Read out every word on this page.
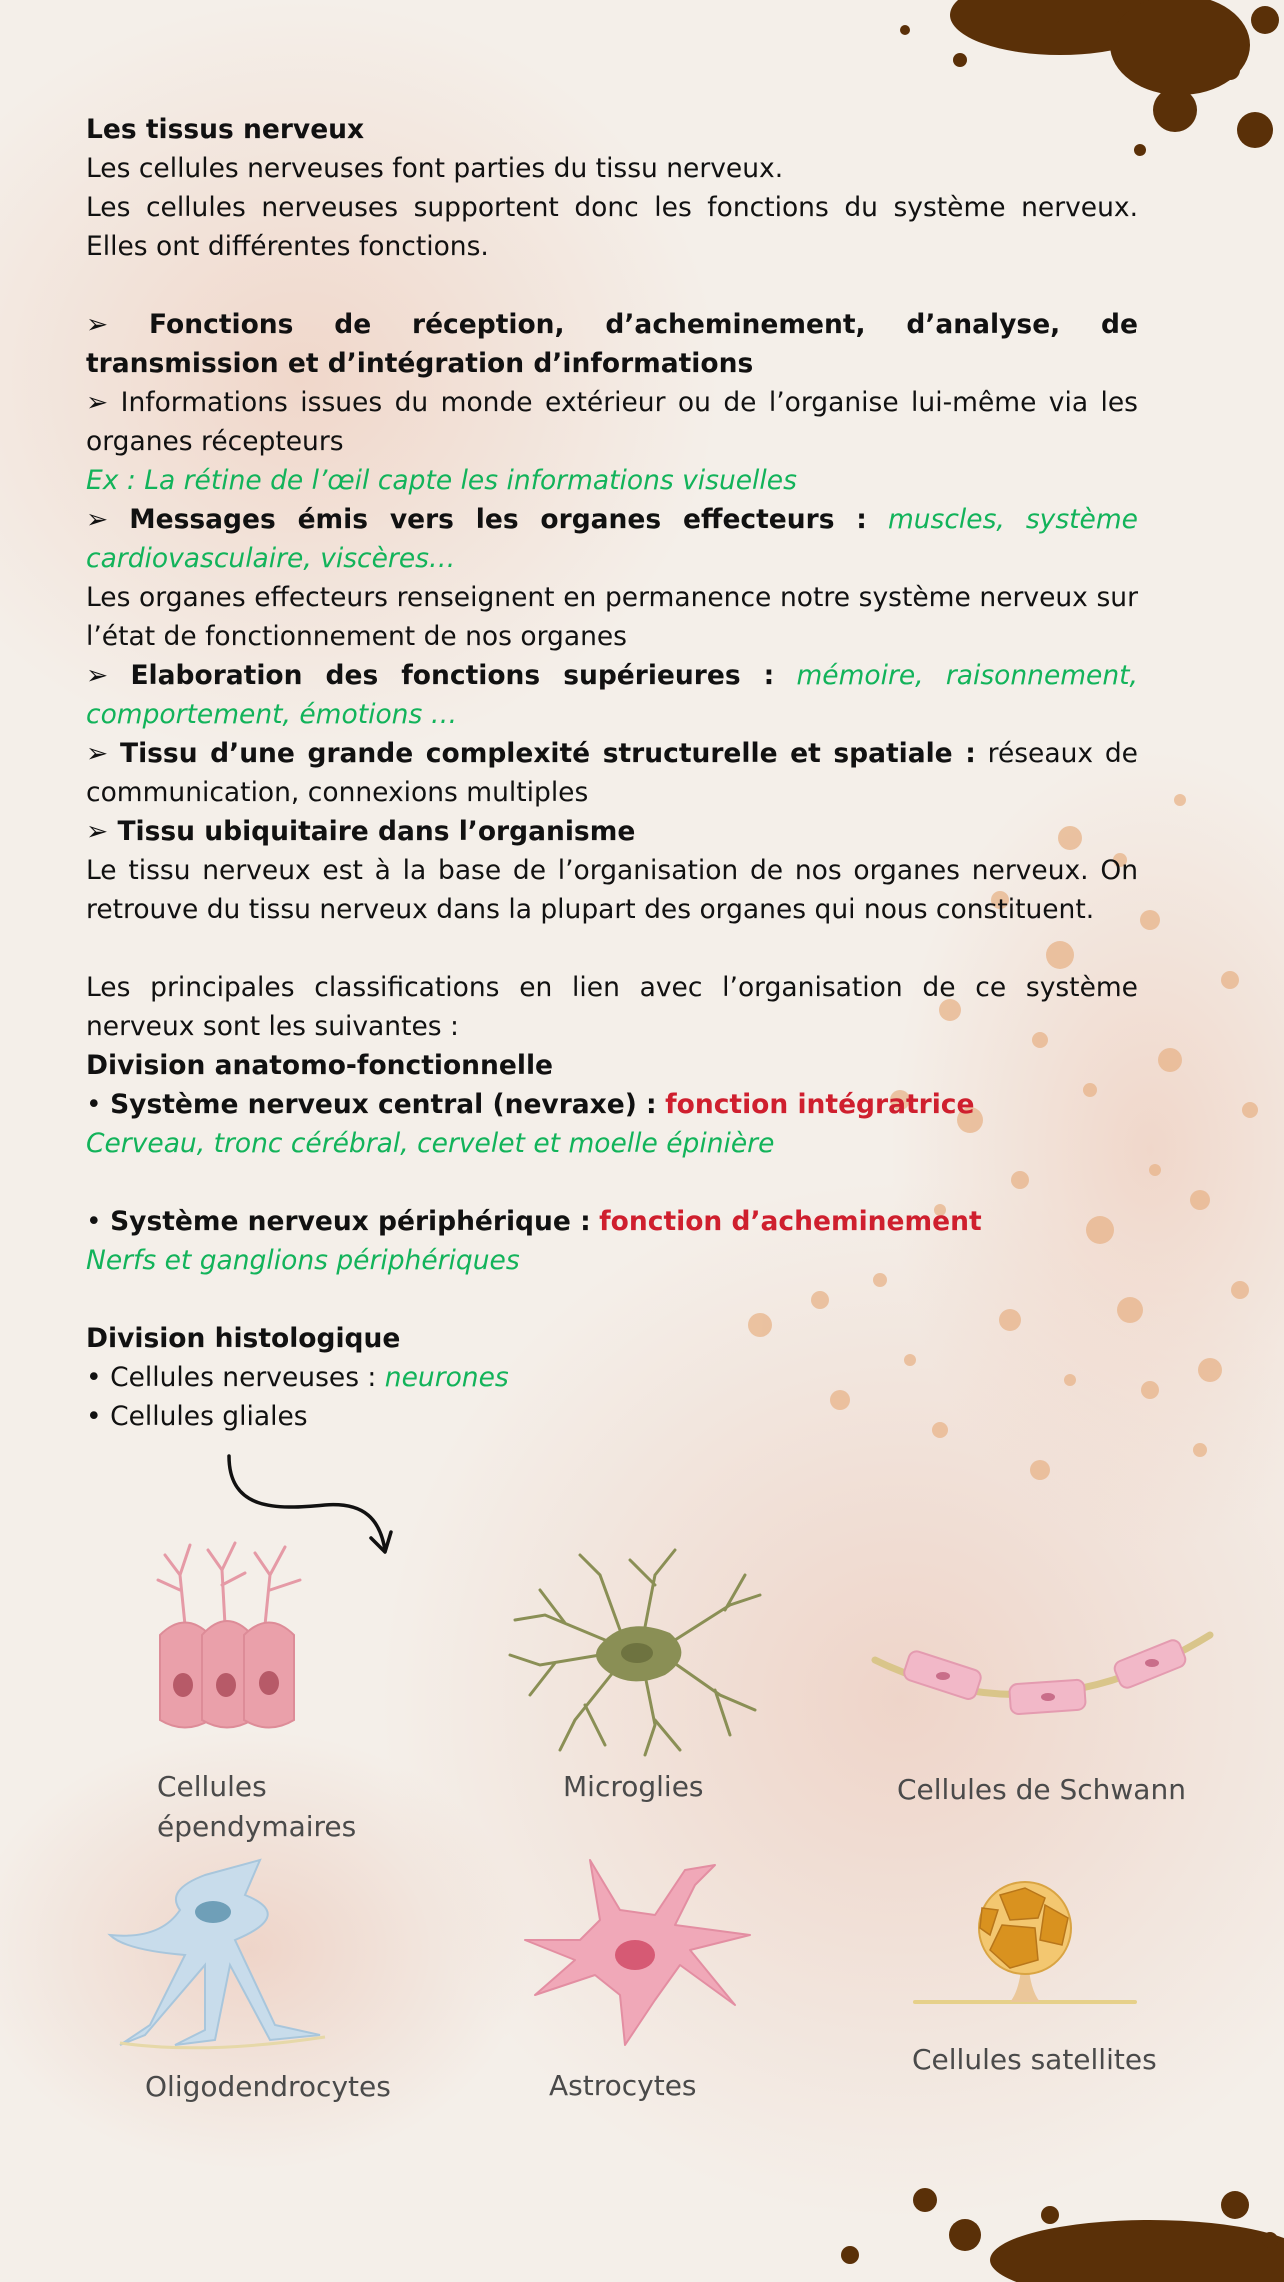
Les tissus nerveux

Les cellules nerveuses font parties du tissu nerveux.

Les cellules nerveuses supportent donc les fonctions du système nerveux. Elles ont différentes fonctions.

➢ Fonctions de réception, d’acheminement, d’analyse, de transmission et d’intégration d’informations

➢ Informations issues du monde extérieur ou de l’organise lui-même via les organes récepteurs

Ex : La rétine de l’œil capte les informations visuelles

➢ Messages émis vers les organes effecteurs : muscles, système cardiovasculaire, viscères…

Les organes effecteurs renseignent en permanence notre système nerveux sur l’état de fonctionnement de nos organes

➢ Elaboration des fonctions supérieures : mémoire, raisonnement, comportement, émotions …

➢ Tissu d’une grande complexité structurelle et spatiale : réseaux de communication, connexions multiples

➢ Tissu ubiquitaire dans l’organisme

Le tissu nerveux est à la base de l’organisation de nos organes nerveux. On retrouve du tissu nerveux dans la plupart des organes qui nous constituent.

Les principales classifications en lien avec l’organisation de ce système nerveux sont les suivantes :

Division anatomo-fonctionnelle

• Système nerveux central (nevraxe) : fonction intégratrice

Cerveau, tronc cérébral, cervelet et moelle épinière

• Système nerveux périphérique : fonction d’acheminement

Nerfs et ganglions périphériques

Division histologique

• Cellules nerveuses : neurones

• Cellules gliales

Cellules
épendymaires
Microglies	Cellules de Schwann
Oligodendrocytes	Astrocytes
Cellules satellites
